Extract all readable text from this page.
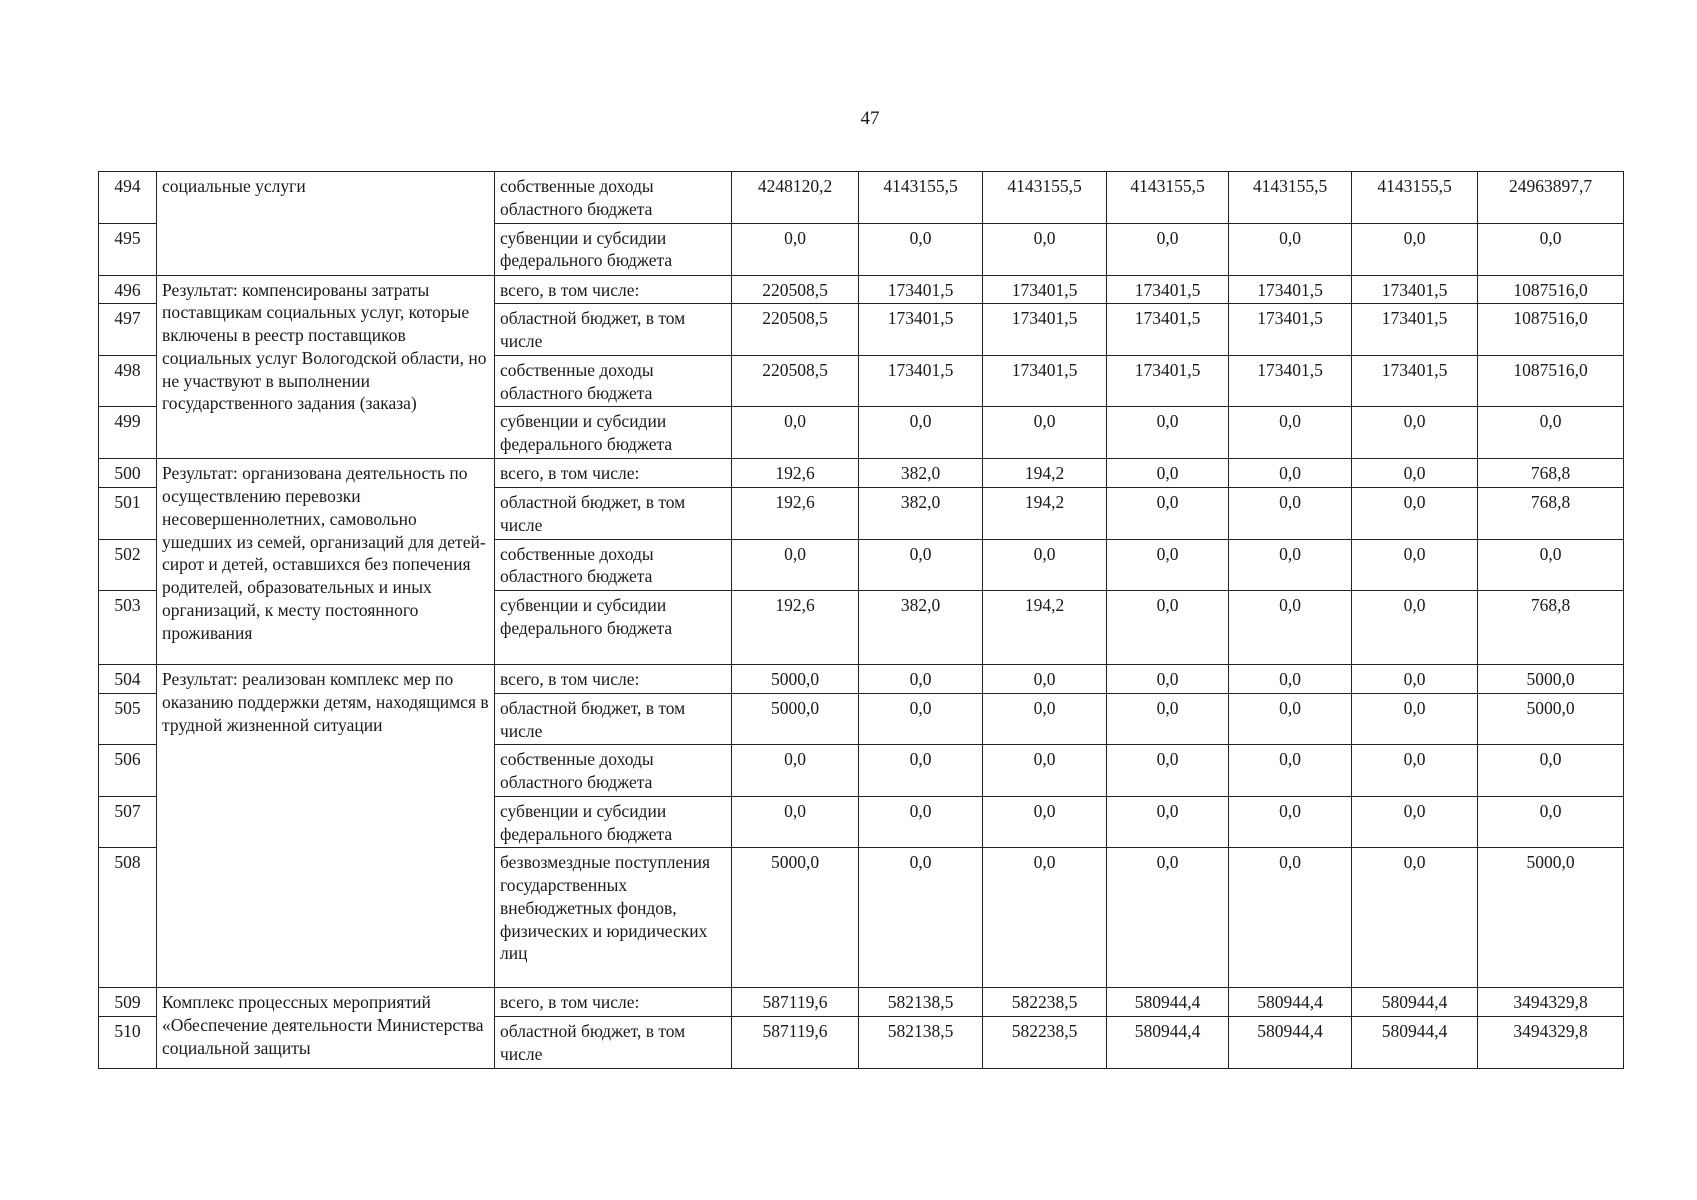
47
494	социальные услуги	собственные доходы областного бюджета	4248120,2	4143155,5	4143155,5	4143155,5	4143155,5	4143155,5	24963897,7
495		субвенции и субсидии федерального бюджета	0,0	0,0	0,0	0,0	0,0	0,0	0,0
496	Результат: компенсированы затраты поставщикам социальных услуг, которые включены в реестр поставщиков социальных услуг Вологодской области, но не участвуют в выполнении государственного задания (заказа)	всего, в том числе:	220508,5	173401,5	173401,5	173401,5	173401,5	173401,5	1087516,0
497		областной бюджет, в том числе	220508,5	173401,5	173401,5	173401,5	173401,5	173401,5	1087516,0
498		собственные доходы областного бюджета	220508,5	173401,5	173401,5	173401,5	173401,5	173401,5	1087516,0
499		субвенции и субсидии федерального бюджета	0,0	0,0	0,0	0,0	0,0	0,0	0,0
500	Результат: организована деятельность по осуществлению перевозки несовершеннолетних, самовольно ушедших из семей, организаций для детей-сирот и детей, оставшихся без попечения родителей, образовательных и иных организаций, к месту постоянного проживания	всего, в том числе:	192,6	382,0	194,2	0,0	0,0	0,0	768,8
501		областной бюджет, в том числе	192,6	382,0	194,2	0,0	0,0	0,0	768,8
502		собственные доходы областного бюджета	0,0	0,0	0,0	0,0	0,0	0,0	0,0
503		субвенции и субсидии федерального бюджета	192,6	382,0	194,2	0,0	0,0	0,0	768,8
504	Результат: реализован комплекс мер по оказанию поддержки детям, находящимся в трудной жизненной ситуации	всего, в том числе:	5000,0	0,0	0,0	0,0	0,0	0,0	5000,0
505		областной бюджет, в том числе	5000,0	0,0	0,0	0,0	0,0	0,0	5000,0
506		собственные доходы областного бюджета	0,0	0,0	0,0	0,0	0,0	0,0	0,0
507		субвенции и субсидии федерального бюджета	0,0	0,0	0,0	0,0	0,0	0,0	0,0
508		безвозмездные поступления государственных внебюджетных фондов, физических и юридических лиц	5000,0	0,0	0,0	0,0	0,0	0,0	5000,0
509	Комплекс процессных мероприятий «Обеспечение деятельности Министерства социальной защиты	всего, в том числе:	587119,6	582138,5	582238,5	580944,4	580944,4	580944,4	3494329,8
510		областной бюджет, в том числе	587119,6	582138,5	582238,5	580944,4	580944,4	580944,4	3494329,8
